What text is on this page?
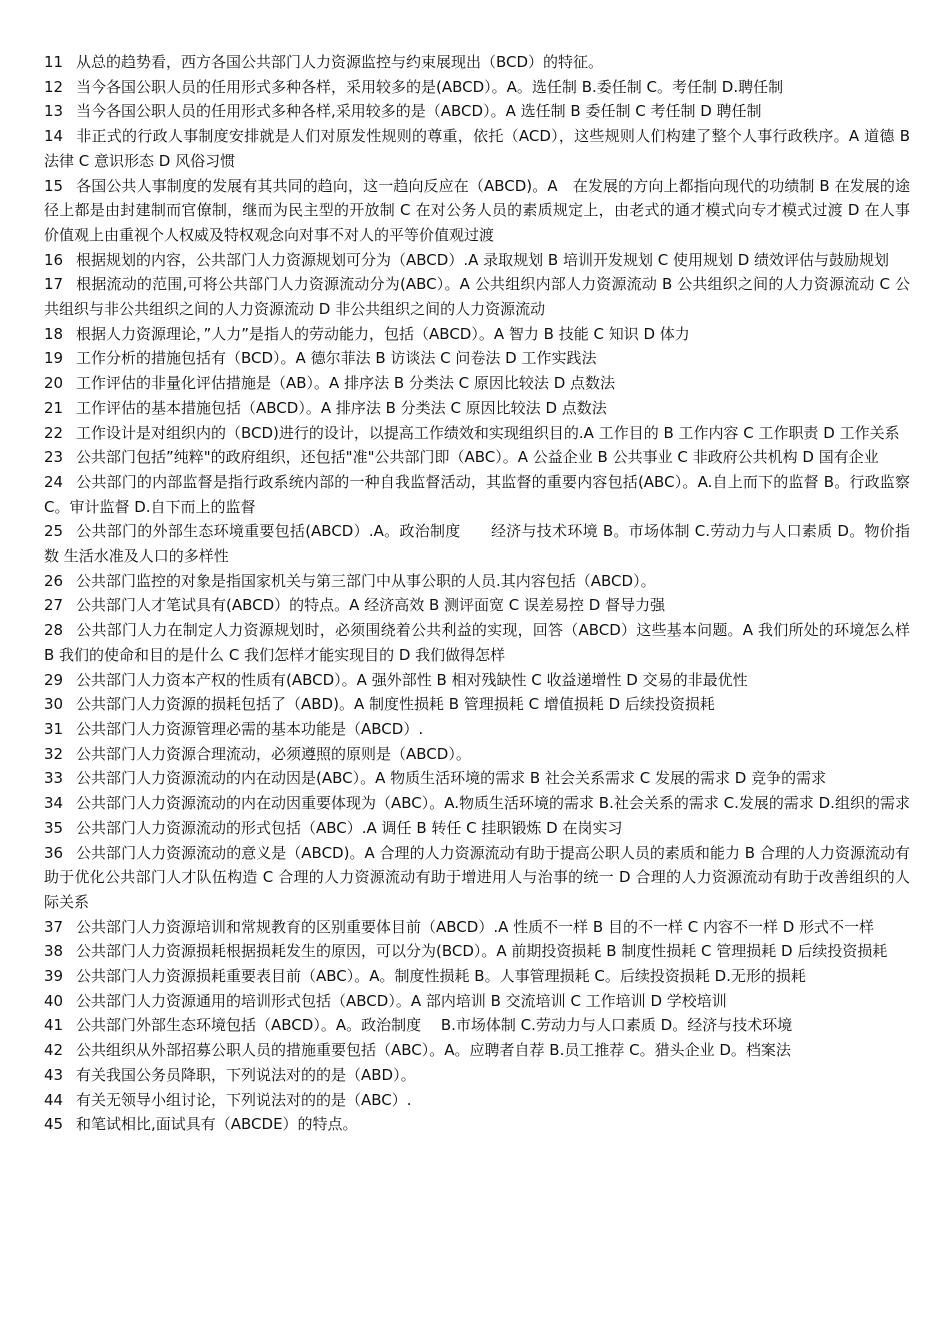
11 从总的趋势看，西方各国公共部门人力资源监控与约束展现出（BCD）的特征。

12 当今各国公职人员的任用形式多种各样，采用较多的是(ABCD）。A。选任制 B.委任制 C。考任制 D.聘任制

13 当今各国公职人员的任用形式多种各样,采用较多的是（ABCD）。A 选任制 B 委任制 C 考任制 D 聘任制

14 非正式的行政人事制度安排就是人们对原发性规则的尊重，依托（ACD），这些规则人们构建了整个人事行政秩序。A 道德 B 法律 C 意识形态 D 风俗习惯

15 各国公共人事制度的发展有其共同的趋向，这一趋向反应在（ABCD)。A　在发展的方向上都指向现代的功绩制 B 在发展的途径上都是由封建制而官僚制，继而为民主型的开放制 C 在对公务人员的素质规定上，由老式的通才模式向专才模式过渡 D 在人事价值观上由重视个人权威及特权观念向对事不对人的平等价值观过渡

16 根据规划的内容，公共部门人力资源规划可分为（ABCD）.A 录取规划 B 培训开发规划 C 使用规划 D 绩效评估与鼓励规划

17 根据流动的范围,可将公共部门人力资源流动分为(ABC）。A 公共组织内部人力资源流动 B 公共组织之间的人力资源流动 C 公共组织与非公共组织之间的人力资源流动 D 非公共组织之间的人力资源流动

18 根据人力资源理论，”人力”是指人的劳动能力，包括（ABCD）。A 智力 B 技能 C 知识 D 体力

19 工作分析的措施包括有（BCD）。A 德尔菲法 B 访谈法 C 问卷法 D 工作实践法

20 工作评估的非量化评估措施是（AB）。A 排序法 B 分类法 C 原因比较法 D 点数法

21 工作评估的基本措施包括（ABCD）。A 排序法 B 分类法 C 原因比较法 D 点数法

22 工作设计是对组织内的（BCD)进行的设计，以提高工作绩效和实现组织目的.A 工作目的 B 工作内容 C 工作职责 D 工作关系

23 公共部门包括”纯粹"的政府组织，还包括"准"公共部门即（ABC）。A 公益企业 B 公共事业 C 非政府公共机构 D 国有企业

24 公共部门的内部监督是指行政系统内部的一种自我监督活动，其监督的重要内容包括(ABC）。A.自上而下的监督 B。行政监察 C。审计监督 D.自下而上的监督

25 公共部门的外部生态环境重要包括(ABCD）.A。政治制度　　经济与技术环境 B。市场体制 C.劳动力与人口素质 D。物价指数 生活水准及人口的多样性

26 公共部门监控的对象是指国家机关与第三部门中从事公职的人员.其内容包括（ABCD）。

27 公共部门人才笔试具有(ABCD）的特点。A 经济高效 B 测评面宽 C 误差易控 D 督导力强

28 公共部门人力在制定人力资源规划时，必须围绕着公共利益的实现，回答（ABCD）这些基本问题。A 我们所处的环境怎么样 B 我们的使命和目的是什么 C 我们怎样才能实现目的 D 我们做得怎样

29 公共部门人力资本产权的性质有(ABCD）。A 强外部性 B 相对残缺性 C 收益递增性 D 交易的非最优性

30 公共部门人力资源的损耗包括了（ABD)。A 制度性损耗 B 管理损耗 C 增值损耗 D 后续投资损耗

31 公共部门人力资源管理必需的基本功能是（ABCD）.

32 公共部门人力资源合理流动，必须遵照的原则是（ABCD）。

33 公共部门人力资源流动的内在动因是(ABC）。A 物质生活环境的需求 B 社会关系需求 C 发展的需求 D 竞争的需求

34 公共部门人力资源流动的内在动因重要体现为（ABC）。A.物质生活环境的需求 B.社会关系的需求 C.发展的需求 D.组织的需求

35 公共部门人力资源流动的形式包括（ABC）.A 调任 B 转任 C 挂职锻炼 D 在岗实习

36 公共部门人力资源流动的意义是（ABCD)。A 合理的人力资源流动有助于提高公职人员的素质和能力 B 合理的人力资源流动有助于优化公共部门人才队伍构造 C 合理的人力资源流动有助于增进用人与治事的统一 D 合理的人力资源流动有助于改善组织的人际关系

37 公共部门人力资源培训和常规教育的区别重要体目前（ABCD）.A 性质不一样 B 目的不一样 C 内容不一样 D 形式不一样

38 公共部门人力资源损耗根据损耗发生的原因，可以分为(BCD）。A 前期投资损耗 B 制度性损耗 C 管理损耗 D 后续投资损耗

39 公共部门人力资源损耗重要表目前（ABC）。A。制度性损耗 B。人事管理损耗 C。后续投资损耗 D.无形的损耗

40 公共部门人力资源通用的培训形式包括（ABCD）。A 部内培训 B 交流培训 C 工作培训 D 学校培训

41 公共部门外部生态环境包括（ABCD）。A。政治制度　 B.市场体制 C.劳动力与人口素质 D。经济与技术环境

42 公共组织从外部招募公职人员的措施重要包括（ABC）。A。应聘者自荐 B.员工推荐 C。猎头企业 D。档案法

43 有关我国公务员降职，下列说法对的的是（ABD）。

44 有关无领导小组讨论，下列说法对的的是（ABC）.

45 和笔试相比,面试具有（ABCDE）的特点。
